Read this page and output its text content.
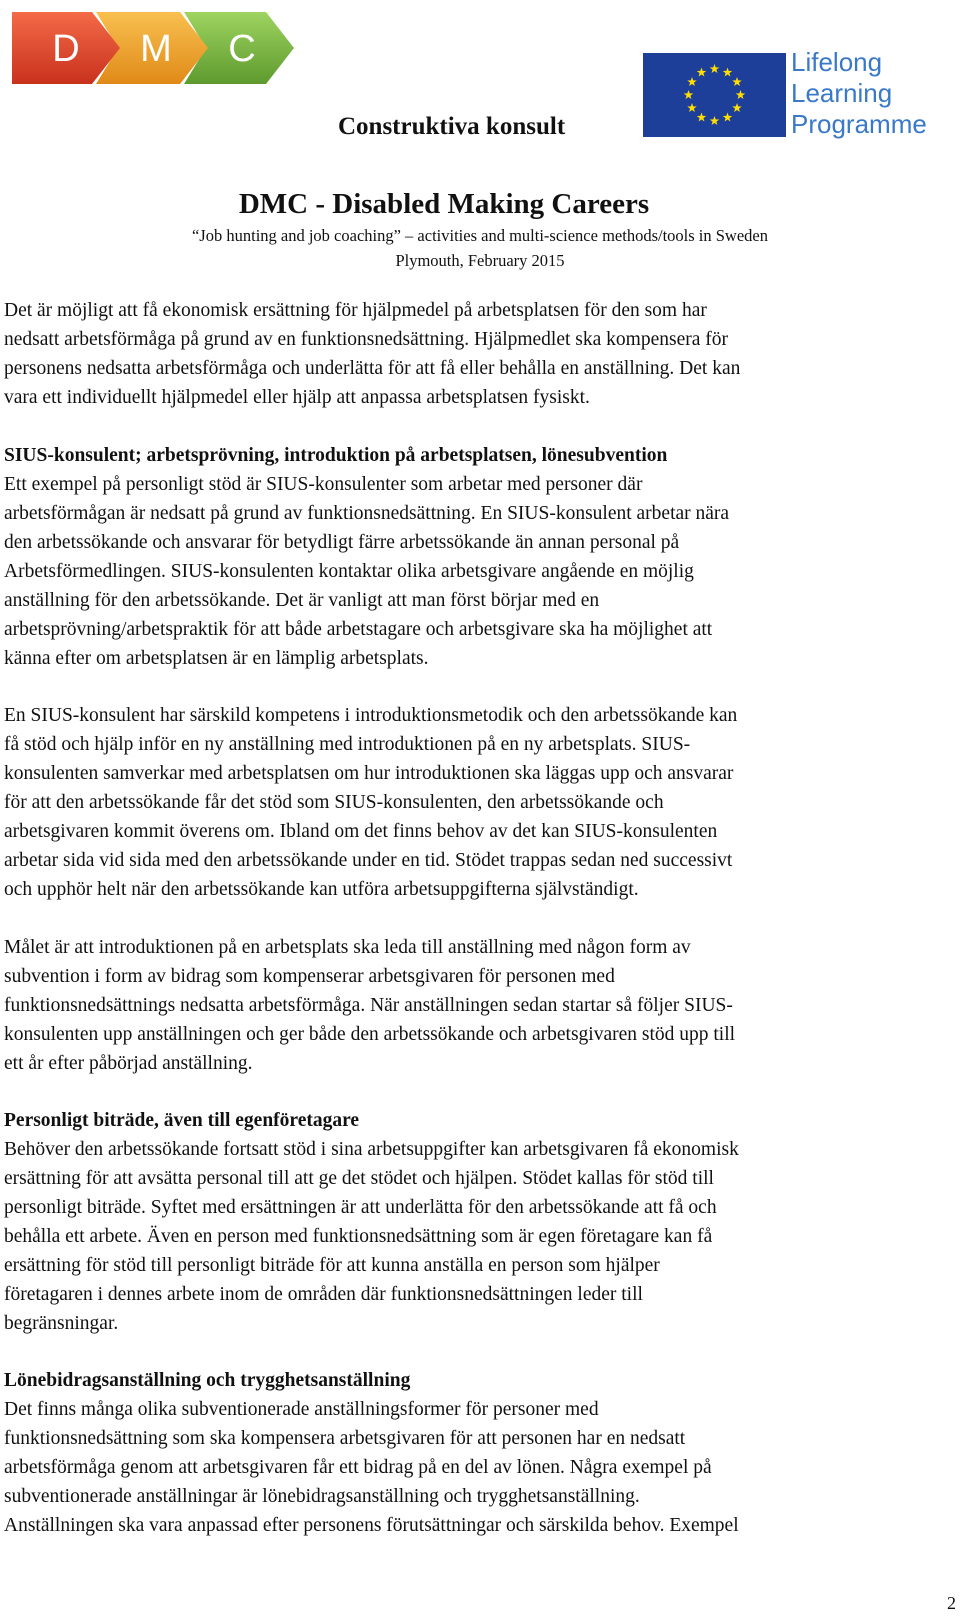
D M C	Lifelong
Learning
Programme
Construktiva konsult
DMC - Disabled Making Careers
“Job hunting and job coaching” – activities and multi-science methods/tools in Sweden
Plymouth, February 2015
Det är möjligt att få ekonomisk ersättning för hjälpmedel på arbetsplatsen för den som har
nedsatt arbetsförmåga på grund av en funktionsnedsättning. Hjälpmedlet ska kompensera för
personens nedsatta arbetsförmåga och underlätta för att få eller behålla en anställning. Det kan
vara ett individuellt hjälpmedel eller hjälp att anpassa arbetsplatsen fysiskt.
SIUS-konsulent; arbetsprövning, introduktion på arbetsplatsen, lönesubvention
Ett exempel på personligt stöd är SIUS-konsulenter som arbetar med personer där
arbetsförmågan är nedsatt på grund av funktionsnedsättning. En SIUS-konsulent arbetar nära
den arbetssökande och ansvarar för betydligt färre arbetssökande än annan personal på
Arbetsförmedlingen. SIUS-konsulenten kontaktar olika arbetsgivare angående en möjlig
anställning för den arbetssökande. Det är vanligt att man först börjar med en
arbetsprövning/arbetspraktik för att både arbetstagare och arbetsgivare ska ha möjlighet att
känna efter om arbetsplatsen är en lämplig arbetsplats.
En SIUS-konsulent har särskild kompetens i introduktionsmetodik och den arbetssökande kan
få stöd och hjälp inför en ny anställning med introduktionen på en ny arbetsplats. SIUS-
konsulenten samverkar med arbetsplatsen om hur introduktionen ska läggas upp och ansvarar
för att den arbetssökande får det stöd som SIUS-konsulenten, den arbetssökande och
arbetsgivaren kommit överens om. Ibland om det finns behov av det kan SIUS-konsulenten
arbetar sida vid sida med den arbetssökande under en tid. Stödet trappas sedan ned successivt
och upphör helt när den arbetssökande kan utföra arbetsuppgifterna självständigt.
Målet är att introduktionen på en arbetsplats ska leda till anställning med någon form av
subvention i form av bidrag som kompenserar arbetsgivaren för personen med
funktionsnedsättnings nedsatta arbetsförmåga. När anställningen sedan startar så följer SIUS-
konsulenten upp anställningen och ger både den arbetssökande och arbetsgivaren stöd upp till
ett år efter påbörjad anställning.
Personligt biträde, även till egenföretagare
Behöver den arbetssökande fortsatt stöd i sina arbetsuppgifter kan arbetsgivaren få ekonomisk
ersättning för att avsätta personal till att ge det stödet och hjälpen. Stödet kallas för stöd till
personligt biträde. Syftet med ersättningen är att underlätta för den arbetssökande att få och
behålla ett arbete. Även en person med funktionsnedsättning som är egen företagare kan få
ersättning för stöd till personligt biträde för att kunna anställa en person som hjälper
företagaren i dennes arbete inom de områden där funktionsnedsättningen leder till
begränsningar.
Lönebidragsanställning och trygghetsanställning
Det finns många olika subventionerade anställningsformer för personer med
funktionsnedsättning som ska kompensera arbetsgivaren för att personen har en nedsatt
arbetsförmåga genom att arbetsgivaren får ett bidrag på en del av lönen. Några exempel på
subventionerade anställningar är lönebidragsanställning och trygghetsanställning.
Anställningen ska vara anpassad efter personens förutsättningar och särskilda behov. Exempel
2
